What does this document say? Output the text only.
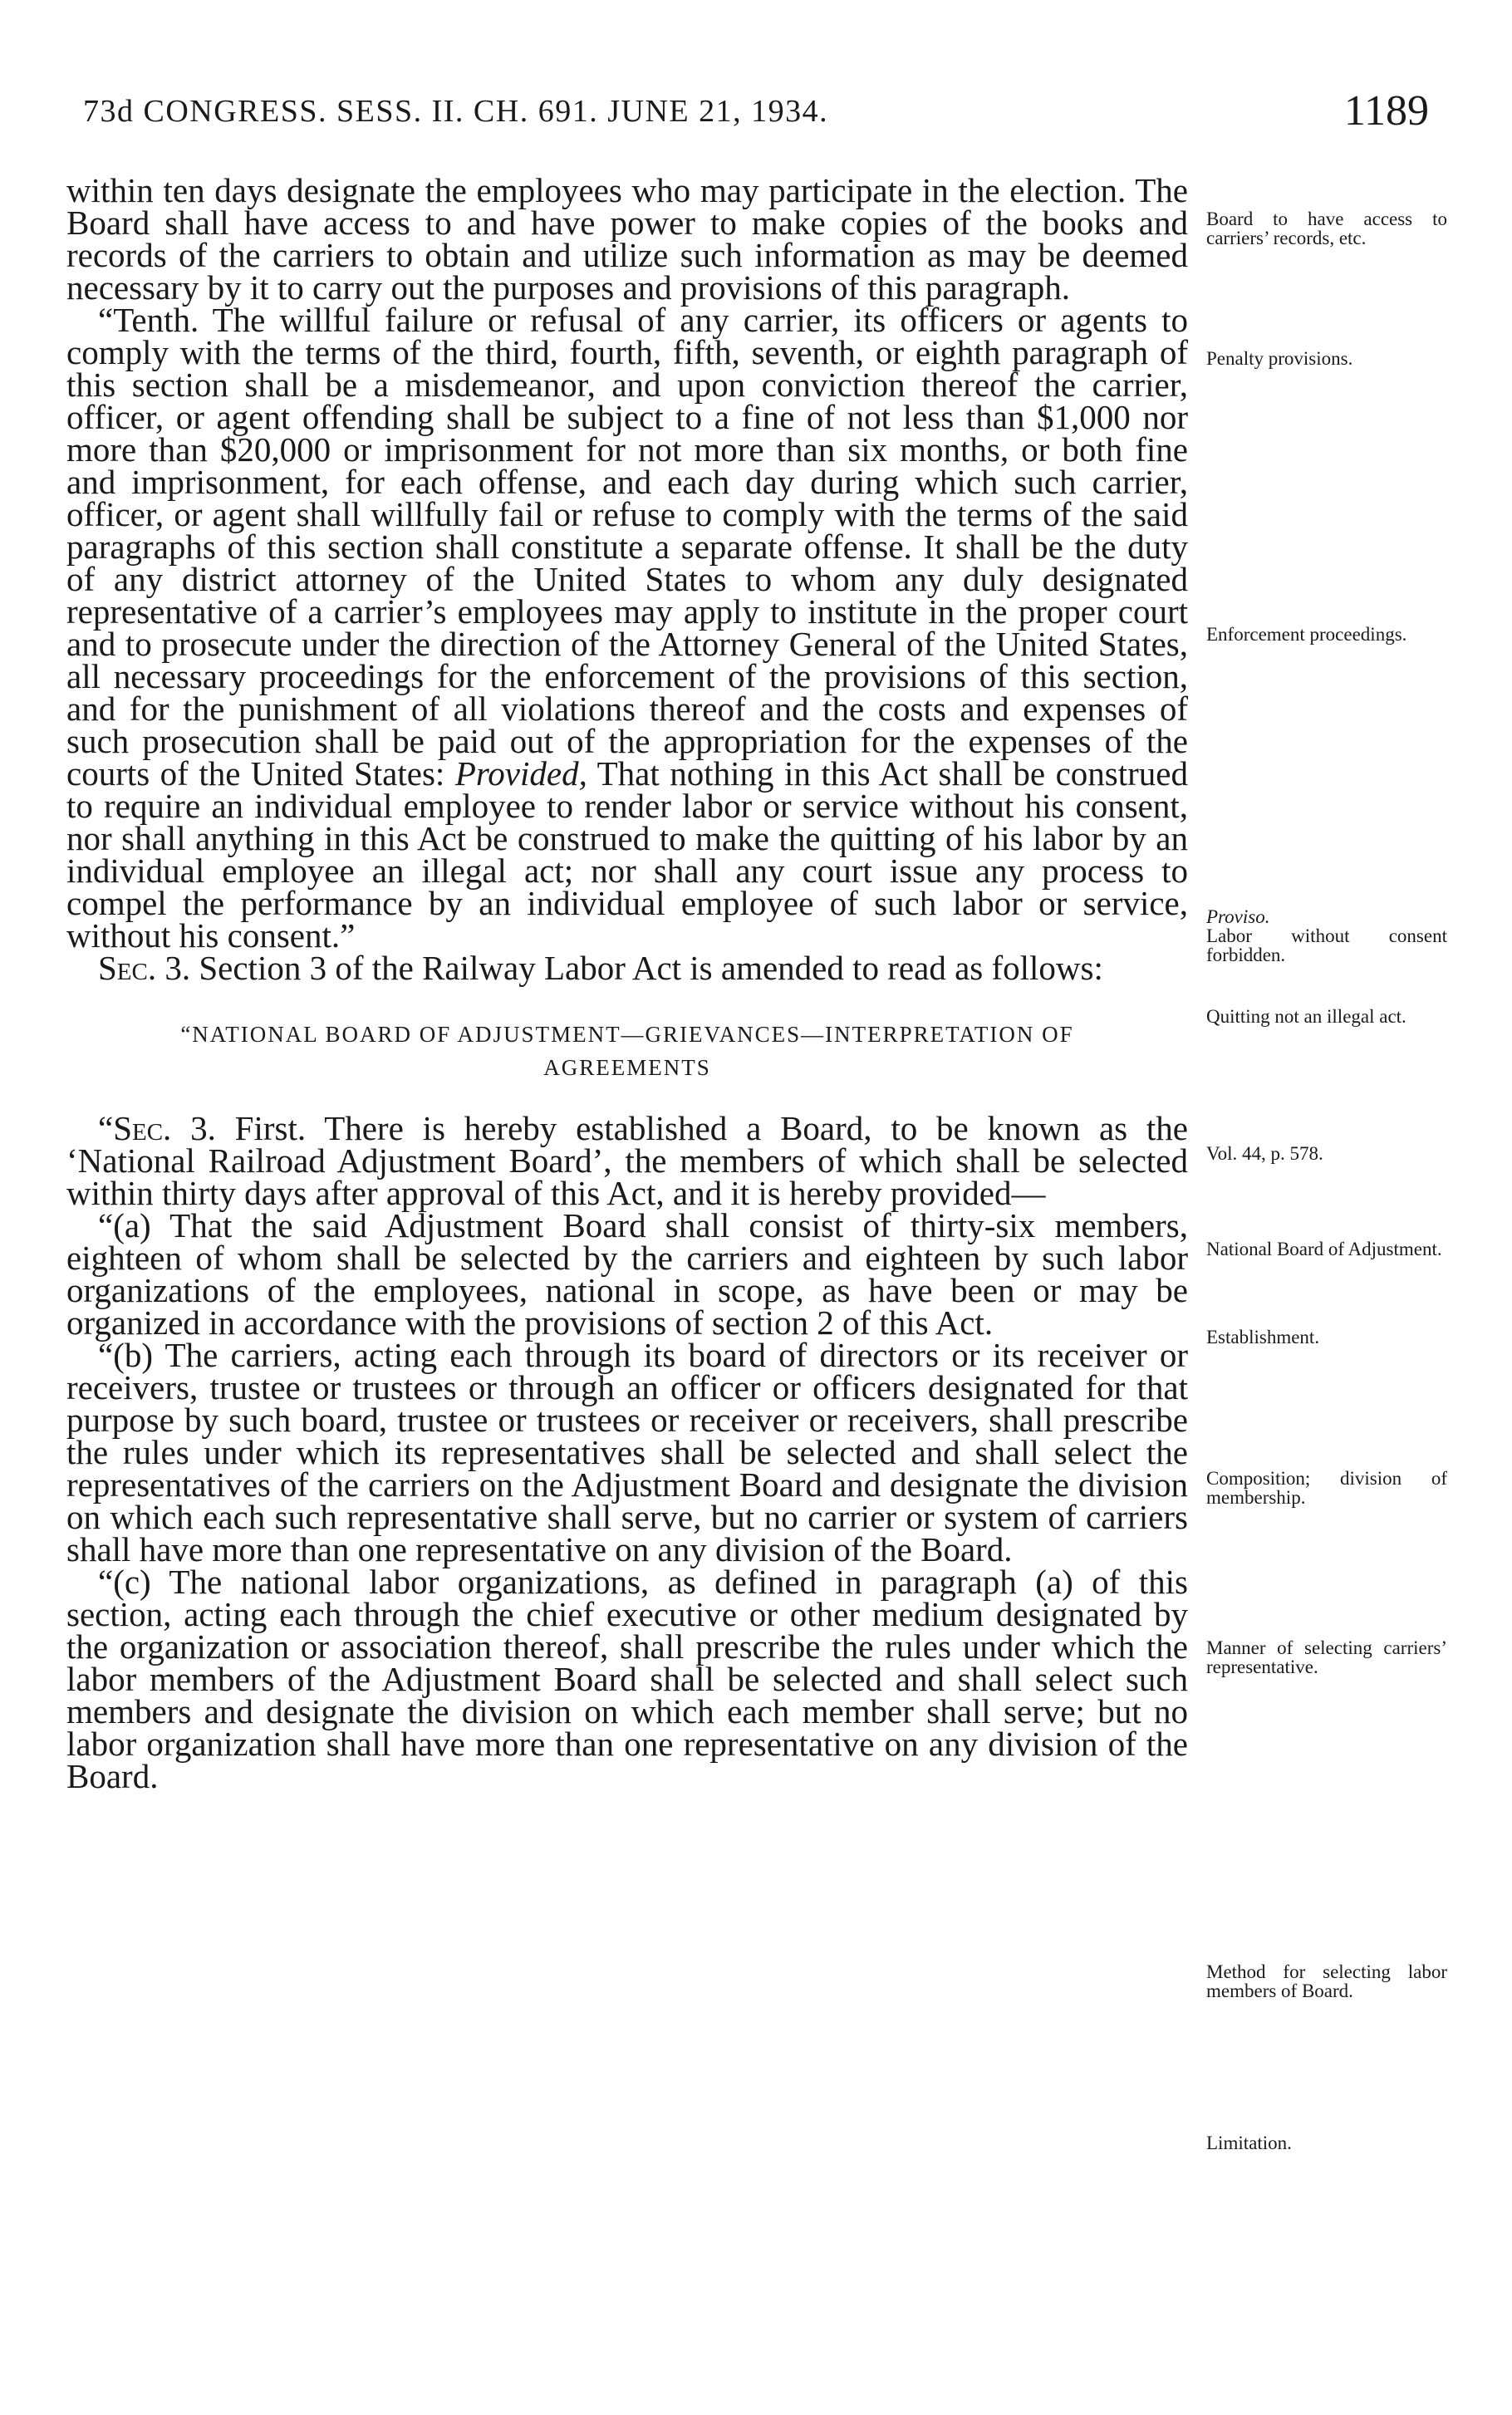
73d CONGRESS. SESS. II. CH. 691. JUNE 21, 1934.	1189

within ten days designate the employees who may participate in the election. The Board shall have access to and have power to make copies of the books and records of the carriers to obtain and utilize such information as may be deemed necessary by it to carry out the purposes and provisions of this paragraph.

“Tenth. The willful failure or refusal of any carrier, its officers or agents to comply with the terms of the third, fourth, fifth, seventh, or eighth paragraph of this section shall be a misdemeanor, and upon conviction thereof the carrier, officer, or agent offending shall be subject to a fine of not less than $1,000 nor more than $20,000 or imprisonment for not more than six months, or both fine and imprisonment, for each offense, and each day during which such carrier, officer, or agent shall willfully fail or refuse to comply with the terms of the said paragraphs of this section shall constitute a separate offense. It shall be the duty of any district attorney of the United States to whom any duly designated representative of a carrier’s employees may apply to institute in the proper court and to prosecute under the direction of the Attorney General of the United States, all necessary proceedings for the enforcement of the provisions of this section, and for the punishment of all violations thereof and the costs and expenses of such prosecution shall be paid out of the appropriation for the expenses of the courts of the United States: Provided, That nothing in this Act shall be construed to require an individual employee to render labor or service without his consent, nor shall anything in this Act be construed to make the quitting of his labor by an individual employee an illegal act; nor shall any court issue any process to compel the performance by an individual employee of such labor or service, without his consent.”

Sec. 3. Section 3 of the Railway Labor Act is amended to read as follows:

“NATIONAL BOARD OF ADJUSTMENT—GRIEVANCES—INTERPRETATION OF
AGREEMENTS

“Sec. 3. First. There is hereby established a Board, to be known as the ‘National Railroad Adjustment Board’, the members of which shall be selected within thirty days after approval of this Act, and it is hereby provided—

“(a) That the said Adjustment Board shall consist of thirty-six members, eighteen of whom shall be selected by the carriers and eighteen by such labor organizations of the employees, national in scope, as have been or may be organized in accordance with the provisions of section 2 of this Act.

“(b) The carriers, acting each through its board of directors or its receiver or receivers, trustee or trustees or through an officer or officers designated for that purpose by such board, trustee or trustees or receiver or receivers, shall prescribe the rules under which its representatives shall be selected and shall select the representatives of the carriers on the Adjustment Board and designate the division on which each such representative shall serve, but no carrier or system of carriers shall have more than one representative on any division of the Board.

“(c) The national labor organizations, as defined in paragraph (a) of this section, acting each through the chief executive or other medium designated by the organization or association thereof, shall prescribe the rules under which the labor members of the Adjustment Board shall be selected and shall select such members and designate the division on which each member shall serve; but no labor organization shall have more than one representative on any division of the Board.

Board to have access to carriers’ records, etc.
Penalty provisions.
Enforcement proceedings.
Proviso.
Labor without consent forbidden.
Quitting not an illegal act.
Vol. 44, p. 578.
National Board of Adjustment.
Establishment.
Composition; division of membership.
Manner of selecting carriers’ representative.
Method for selecting labor members of Board.
Limitation.
